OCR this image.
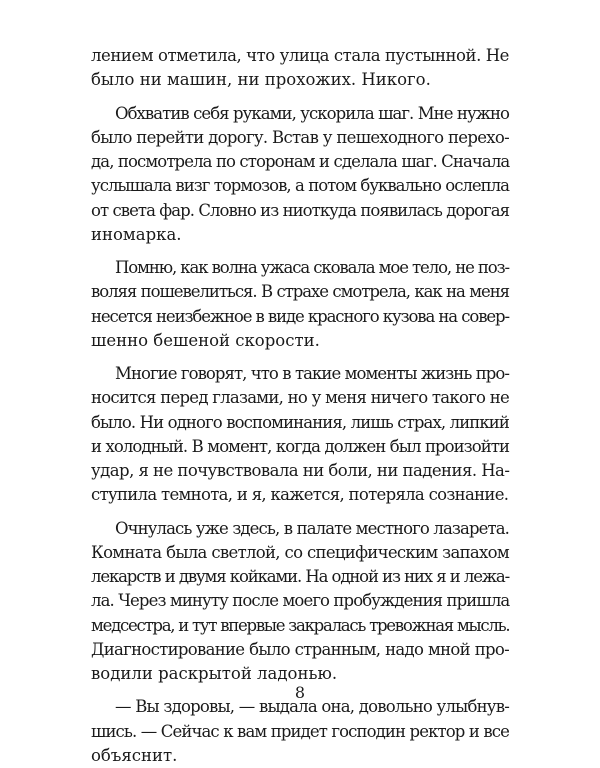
лением отметила, что улица стала пустынной. Не
было ни машин, ни прохожих. Никого.
Обхватив себя руками, ускорила шаг. Мне нужно
было перейти дорогу. Встав у пешеходного перехо-
да, посмотрела по сторонам и сделала шаг. Сначала
услышала визг тормозов, а потом буквально ослепла
от света фар. Словно из ниоткуда появилась дорогая
иномарка.
Помню, как волна ужаса сковала мое тело, не поз-
воляя пошевелиться. В страхе смотрела, как на меня
несется неизбежное в виде красного кузова на совер-
шенно бешеной скорости.
Многие говорят, что в такие моменты жизнь про-
носится перед глазами, но у меня ничего такого не
было. Ни одного воспоминания, лишь страх, липкий
и холодный. В момент, когда должен был произойти
удар, я не почувствовала ни боли, ни падения. На-
ступила темнота, и я, кажется, потеряла сознание.
Очнулась уже здесь, в палате местного лазарета.
Комната была светлой, со специфическим запахом
лекарств и двумя койками. На одной из них я и лежа-
ла. Через минуту после моего пробуждения пришла
медсестра, и тут впервые закралась тревожная мысль.
Диагностирование было странным, надо мной про-
водили раскрытой ладонью.
— Вы здоровы, — выдала она, довольно улыбнув-
шись. — Сейчас к вам придет господин ректор и все
объяснит.
8
